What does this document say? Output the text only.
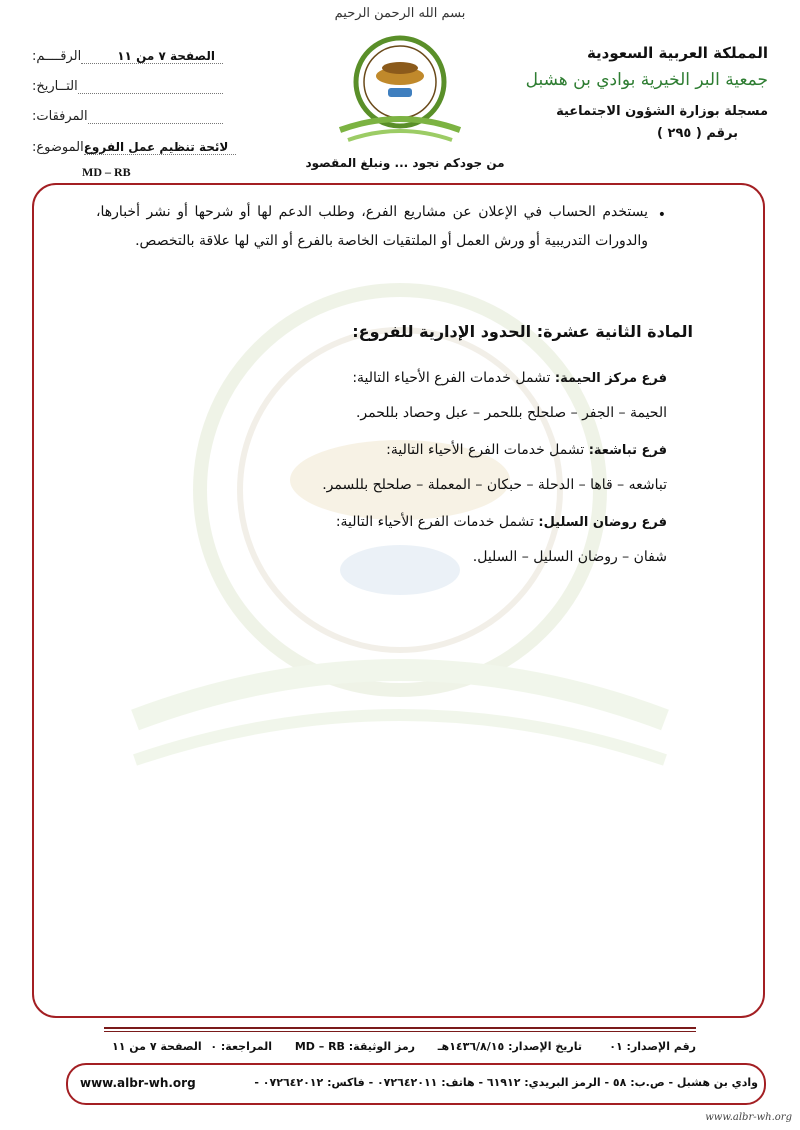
بسم الله الرحمن الرحيم
المملكة العربية السعودية
جمعية البر الخيرية بوادي بن هشبل
مسجلة بوزارة الشؤون الاجتماعية
برقم ( ٢٩٥ )
من جودكم نجود ... ونبلغ المقصود
الرقــــم:	الصفحة ٧ من ١١
التــاريخ:
المرفقات:
الموضوع: لائحة تنظيم عمل الفروع
MD – RB
•
يستخدم الحساب في الإعلان عن مشاريع الفرع، وطلب الدعم لها أو شرحها أو نشر أخبارها، والدورات التدريبية أو ورش العمل أو الملتقيات الخاصة بالفرع أو التي لها علاقة بالتخصص.
المادة الثانية عشرة: الحدود الإدارية للفروع:
فرع مركز الحيمة: تشمل خدمات الفرع الأحياء التالية:
الحيمة – الجفر – صلحلح بللحمر – عبل وحصاد بللحمر.
فرع تباشعة: تشمل خدمات الفرع الأحياء التالية:
تباشعه – قاها – الدحلة – حبكان – المعملة – صلحلح بللسمر.
فرع روضان السليل: تشمل خدمات الفرع الأحياء التالية:
شفان – روضان السليل – السليل.
رقم الإصدار: ٠١
تاريخ الإصدار: ١٤٣٦/٨/١٥هـ
رمز الوثيقة: MD – RB
المراجعة: ٠
الصفحة ٧ من ١١
وادي بن هشبل - ص.ب: ٥٨ - الرمز البريدي: ٦١٩١٢ - هاتف: ٠٧٢٦٤٢٠١١ - فاكس: ٠٧٢٦٤٢٠١٢ -
www.albr-wh.org
www.albr-wh.org
